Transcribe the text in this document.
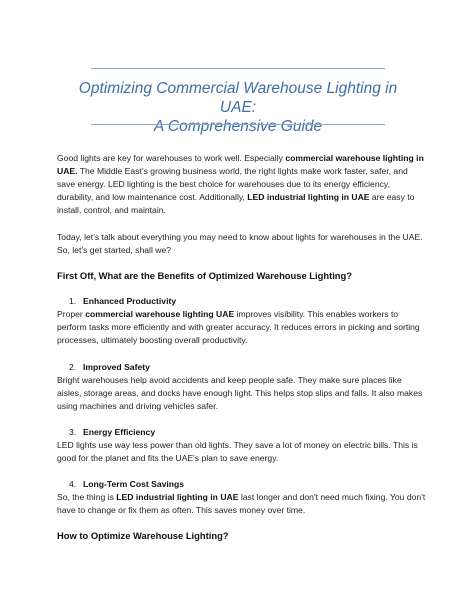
Optimizing Commercial Warehouse Lighting in UAE:
A Comprehensive Guide
Good lights are key for warehouses to work well. Especially commercial warehouse lighting in UAE. The Middle East’s growing business world, the right lights make work faster, safer, and save energy. LED lighting is the best choice for warehouses due to its energy efficiency, durability, and low maintenance cost. Additionally, LED industrial lighting in UAE are easy to install, control, and maintain.
Today, let’s talk about everything you may need to know about lights for warehouses in the UAE. So, let’s get started, shall we?
First Off, What are the Benefits of Optimized Warehouse Lighting?
1. Enhanced Productivity
Proper commercial warehouse lighting UAE improves visibility. This enables workers to perform tasks more efficiently and with greater accuracy. It reduces errors in picking and sorting processes, ultimately boosting overall productivity.
2. Improved Safety
Bright warehouses help avoid accidents and keep people safe. They make sure places like aisles, storage areas, and docks have enough light. This helps stop slips and falls. It also makes using machines and driving vehicles safer.
3. Energy Efficiency
LED lights use way less power than old lights. They save a lot of money on electric bills. This is good for the planet and fits the UAE's plan to save energy.
4. Long-Term Cost Savings
So, the thing is LED industrial lighting in UAE last longer and don't need much fixing. You don't have to change or fix them as often. This saves money over time.
How to Optimize Warehouse Lighting?
